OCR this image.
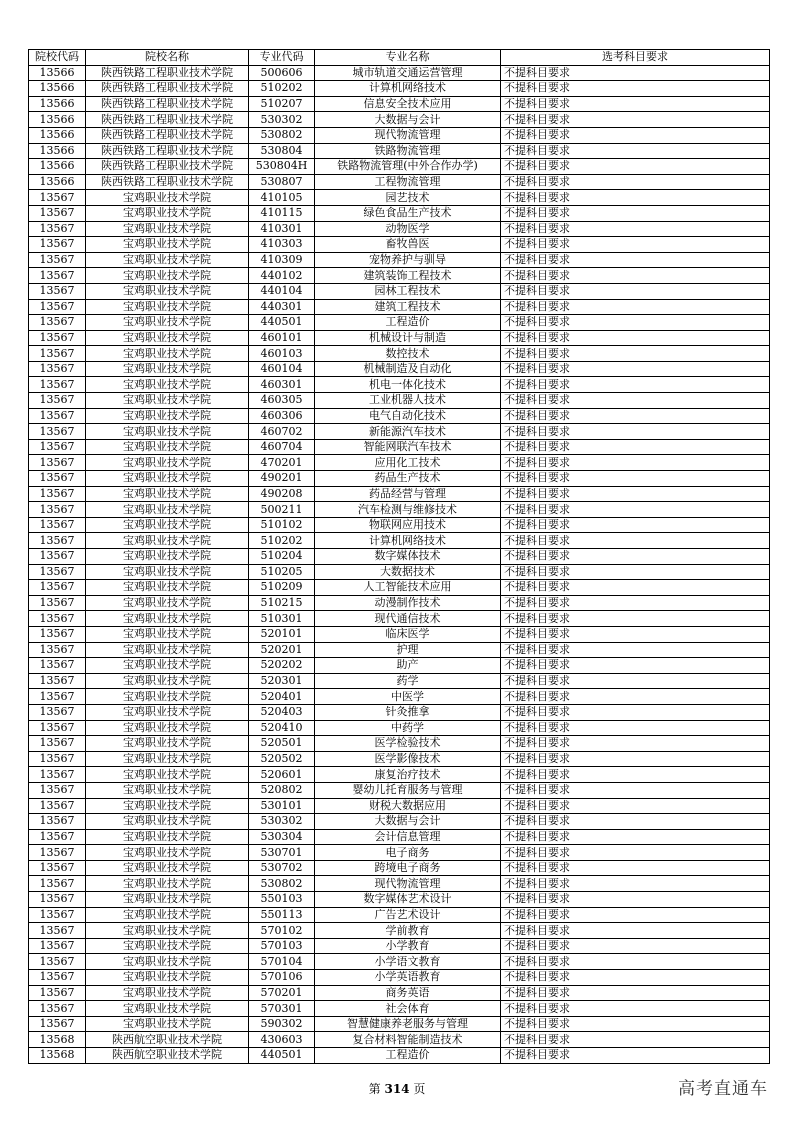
院校代码	院校名称	专业代码	专业名称	选考科目要求
13566	陕西铁路工程职业技术学院	500606	城市轨道交通运营管理	不提科目要求
13566	陕西铁路工程职业技术学院	510202	计算机网络技术	不提科目要求
13566	陕西铁路工程职业技术学院	510207	信息安全技术应用	不提科目要求
13566	陕西铁路工程职业技术学院	530302	大数据与会计	不提科目要求
13566	陕西铁路工程职业技术学院	530802	现代物流管理	不提科目要求
13566	陕西铁路工程职业技术学院	530804	铁路物流管理	不提科目要求
13566	陕西铁路工程职业技术学院	530804H	铁路物流管理(中外合作办学)	不提科目要求
13566	陕西铁路工程职业技术学院	530807	工程物流管理	不提科目要求
13567	宝鸡职业技术学院	410105	园艺技术	不提科目要求
13567	宝鸡职业技术学院	410115	绿色食品生产技术	不提科目要求
13567	宝鸡职业技术学院	410301	动物医学	不提科目要求
13567	宝鸡职业技术学院	410303	畜牧兽医	不提科目要求
13567	宝鸡职业技术学院	410309	宠物养护与驯导	不提科目要求
13567	宝鸡职业技术学院	440102	建筑装饰工程技术	不提科目要求
13567	宝鸡职业技术学院	440104	园林工程技术	不提科目要求
13567	宝鸡职业技术学院	440301	建筑工程技术	不提科目要求
13567	宝鸡职业技术学院	440501	工程造价	不提科目要求
13567	宝鸡职业技术学院	460101	机械设计与制造	不提科目要求
13567	宝鸡职业技术学院	460103	数控技术	不提科目要求
13567	宝鸡职业技术学院	460104	机械制造及自动化	不提科目要求
13567	宝鸡职业技术学院	460301	机电一体化技术	不提科目要求
13567	宝鸡职业技术学院	460305	工业机器人技术	不提科目要求
13567	宝鸡职业技术学院	460306	电气自动化技术	不提科目要求
13567	宝鸡职业技术学院	460702	新能源汽车技术	不提科目要求
13567	宝鸡职业技术学院	460704	智能网联汽车技术	不提科目要求
13567	宝鸡职业技术学院	470201	应用化工技术	不提科目要求
13567	宝鸡职业技术学院	490201	药品生产技术	不提科目要求
13567	宝鸡职业技术学院	490208	药品经营与管理	不提科目要求
13567	宝鸡职业技术学院	500211	汽车检测与维修技术	不提科目要求
13567	宝鸡职业技术学院	510102	物联网应用技术	不提科目要求
13567	宝鸡职业技术学院	510202	计算机网络技术	不提科目要求
13567	宝鸡职业技术学院	510204	数字媒体技术	不提科目要求
13567	宝鸡职业技术学院	510205	大数据技术	不提科目要求
13567	宝鸡职业技术学院	510209	人工智能技术应用	不提科目要求
13567	宝鸡职业技术学院	510215	动漫制作技术	不提科目要求
13567	宝鸡职业技术学院	510301	现代通信技术	不提科目要求
13567	宝鸡职业技术学院	520101	临床医学	不提科目要求
13567	宝鸡职业技术学院	520201	护理	不提科目要求
13567	宝鸡职业技术学院	520202	助产	不提科目要求
13567	宝鸡职业技术学院	520301	药学	不提科目要求
13567	宝鸡职业技术学院	520401	中医学	不提科目要求
13567	宝鸡职业技术学院	520403	针灸推拿	不提科目要求
13567	宝鸡职业技术学院	520410	中药学	不提科目要求
13567	宝鸡职业技术学院	520501	医学检验技术	不提科目要求
13567	宝鸡职业技术学院	520502	医学影像技术	不提科目要求
13567	宝鸡职业技术学院	520601	康复治疗技术	不提科目要求
13567	宝鸡职业技术学院	520802	婴幼儿托育服务与管理	不提科目要求
13567	宝鸡职业技术学院	530101	财税大数据应用	不提科目要求
13567	宝鸡职业技术学院	530302	大数据与会计	不提科目要求
13567	宝鸡职业技术学院	530304	会计信息管理	不提科目要求
13567	宝鸡职业技术学院	530701	电子商务	不提科目要求
13567	宝鸡职业技术学院	530702	跨境电子商务	不提科目要求
13567	宝鸡职业技术学院	530802	现代物流管理	不提科目要求
13567	宝鸡职业技术学院	550103	数字媒体艺术设计	不提科目要求
13567	宝鸡职业技术学院	550113	广告艺术设计	不提科目要求
13567	宝鸡职业技术学院	570102	学前教育	不提科目要求
13567	宝鸡职业技术学院	570103	小学教育	不提科目要求
13567	宝鸡职业技术学院	570104	小学语文教育	不提科目要求
13567	宝鸡职业技术学院	570106	小学英语教育	不提科目要求
13567	宝鸡职业技术学院	570201	商务英语	不提科目要求
13567	宝鸡职业技术学院	570301	社会体育	不提科目要求
13567	宝鸡职业技术学院	590302	智慧健康养老服务与管理	不提科目要求
13568	陕西航空职业技术学院	430603	复合材料智能制造技术	不提科目要求
13568	陕西航空职业技术学院	440501	工程造价	不提科目要求
第 314 页	高考直通车
